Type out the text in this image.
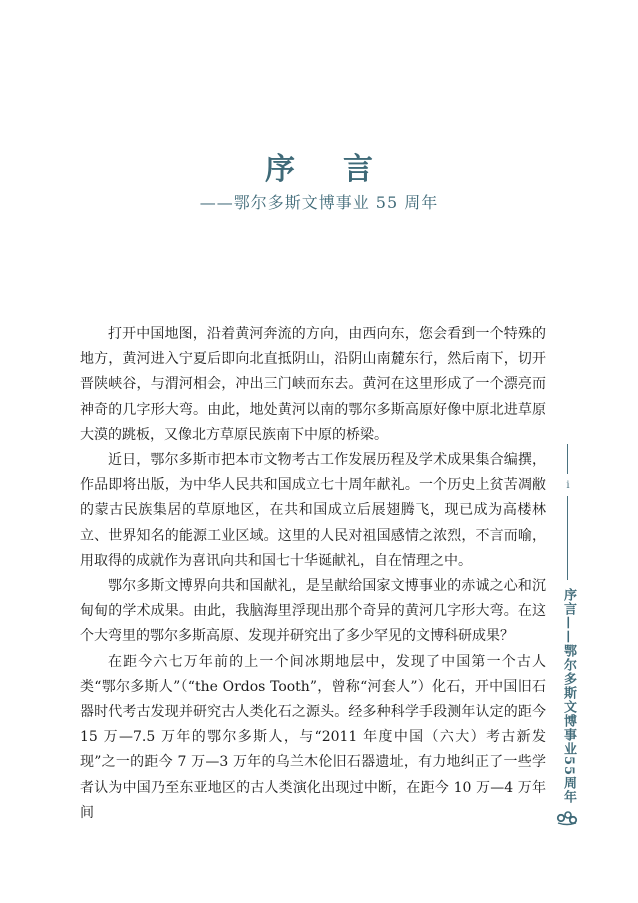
序言
——鄂尔多斯文博事业 55 周年

打开中国地图，沿着黄河奔流的方向，由西向东，您会看到一个特殊的地方，黄河进入宁夏后即向北直抵阴山，沿阴山南麓东行，然后南下，切开晋陕峡谷，与渭河相会，冲出三门峡而东去。黄河在这里形成了一个漂亮而神奇的几字形大弯。由此，地处黄河以南的鄂尔多斯高原好像中原北进草原大漠的跳板，又像北方草原民族南下中原的桥梁。

近日，鄂尔多斯市把本市文物考古工作发展历程及学术成果集合编撰，作品即将出版，为中华人民共和国成立七十周年献礼。一个历史上贫苦凋敝的蒙古民族集居的草原地区，在共和国成立后展翅腾飞，现已成为高楼林立、世界知名的能源工业区域。这里的人民对祖国感情之浓烈，不言而喻，用取得的成就作为喜讯向共和国七十华诞献礼，自在情理之中。

鄂尔多斯文博界向共和国献礼，是呈献给国家文博事业的赤诚之心和沉甸甸的学术成果。由此，我脑海里浮现出那个奇异的黄河几字形大弯。在这个大弯里的鄂尔多斯高原、发现并研究出了多少罕见的文博科研成果？

在距今六七万年前的上一个间冰期地层中，发现了中国第一个古人类“鄂尔多斯人”（“the Ordos Tooth”，曾称“河套人”）化石，开中国旧石器时代考古发现并研究古人类化石之源头。经多种科学手段测年认定的距今15 万—7.5 万年的鄂尔多斯人，与“2011 年度中国（六大）考古新发现”之一的距今 7 万—3 万年的乌兰木伦旧石器遗址，有力地纠正了一些学者认为中国乃至东亚地区的古人类演化出现过中断，在距今 10 万—4 万年间

i
序言——鄂尔多斯文博事业55周年
